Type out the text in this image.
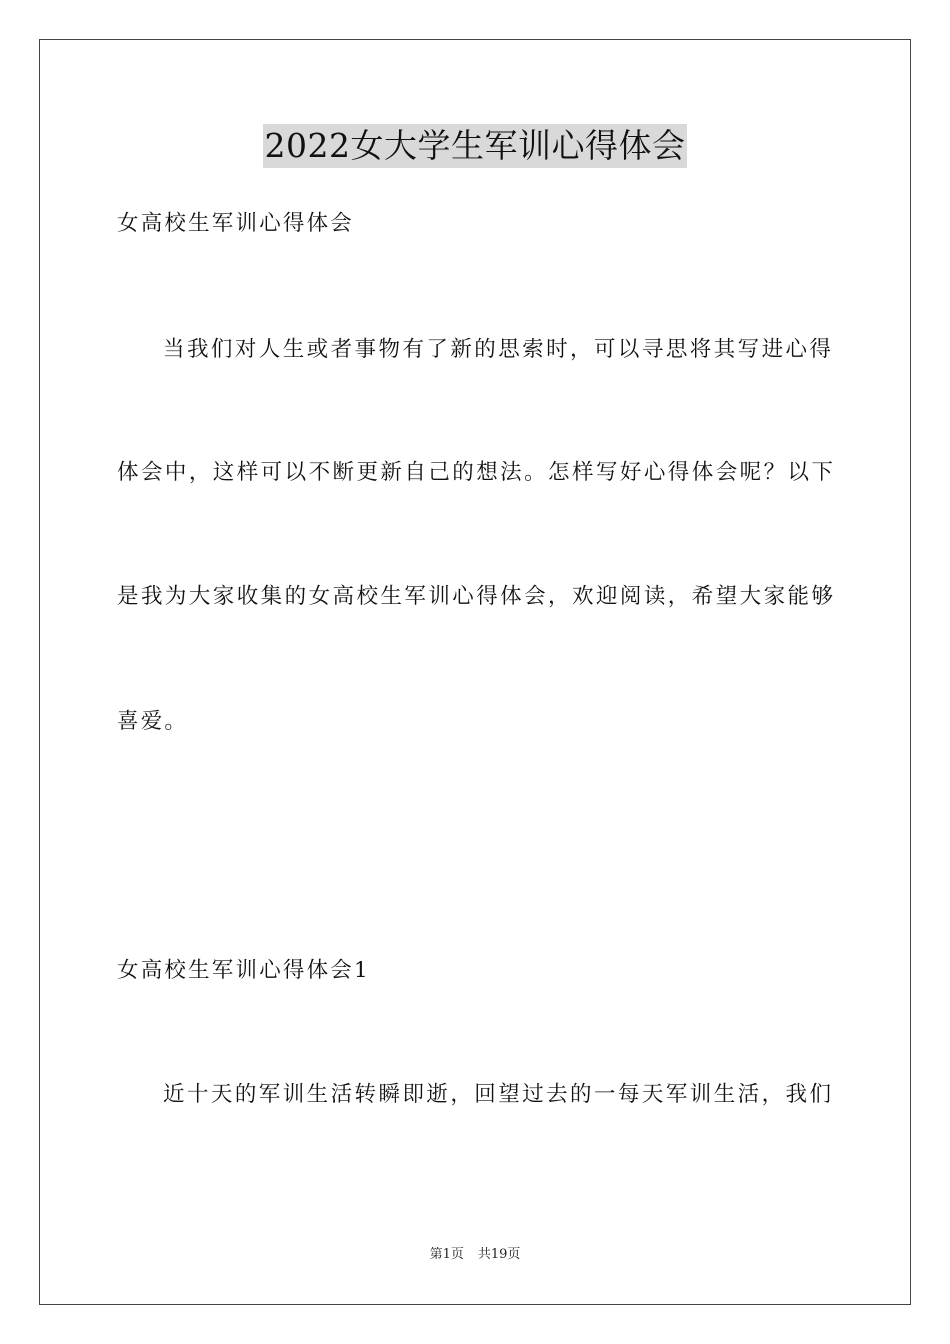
2022女大学生军训心得体会
女高校生军训心得体会
当我们对人生或者事物有了新的思索时，可以寻思将其写进心得
体会中，这样可以不断更新自己的想法。怎样写好心得体会呢？以下
是我为大家收集的女高校生军训心得体会，欢迎阅读，希望大家能够
喜爱。
女高校生军训心得体会1
近十天的军训生活转瞬即逝，回望过去的一每天军训生活，我们
第1页 共19页
